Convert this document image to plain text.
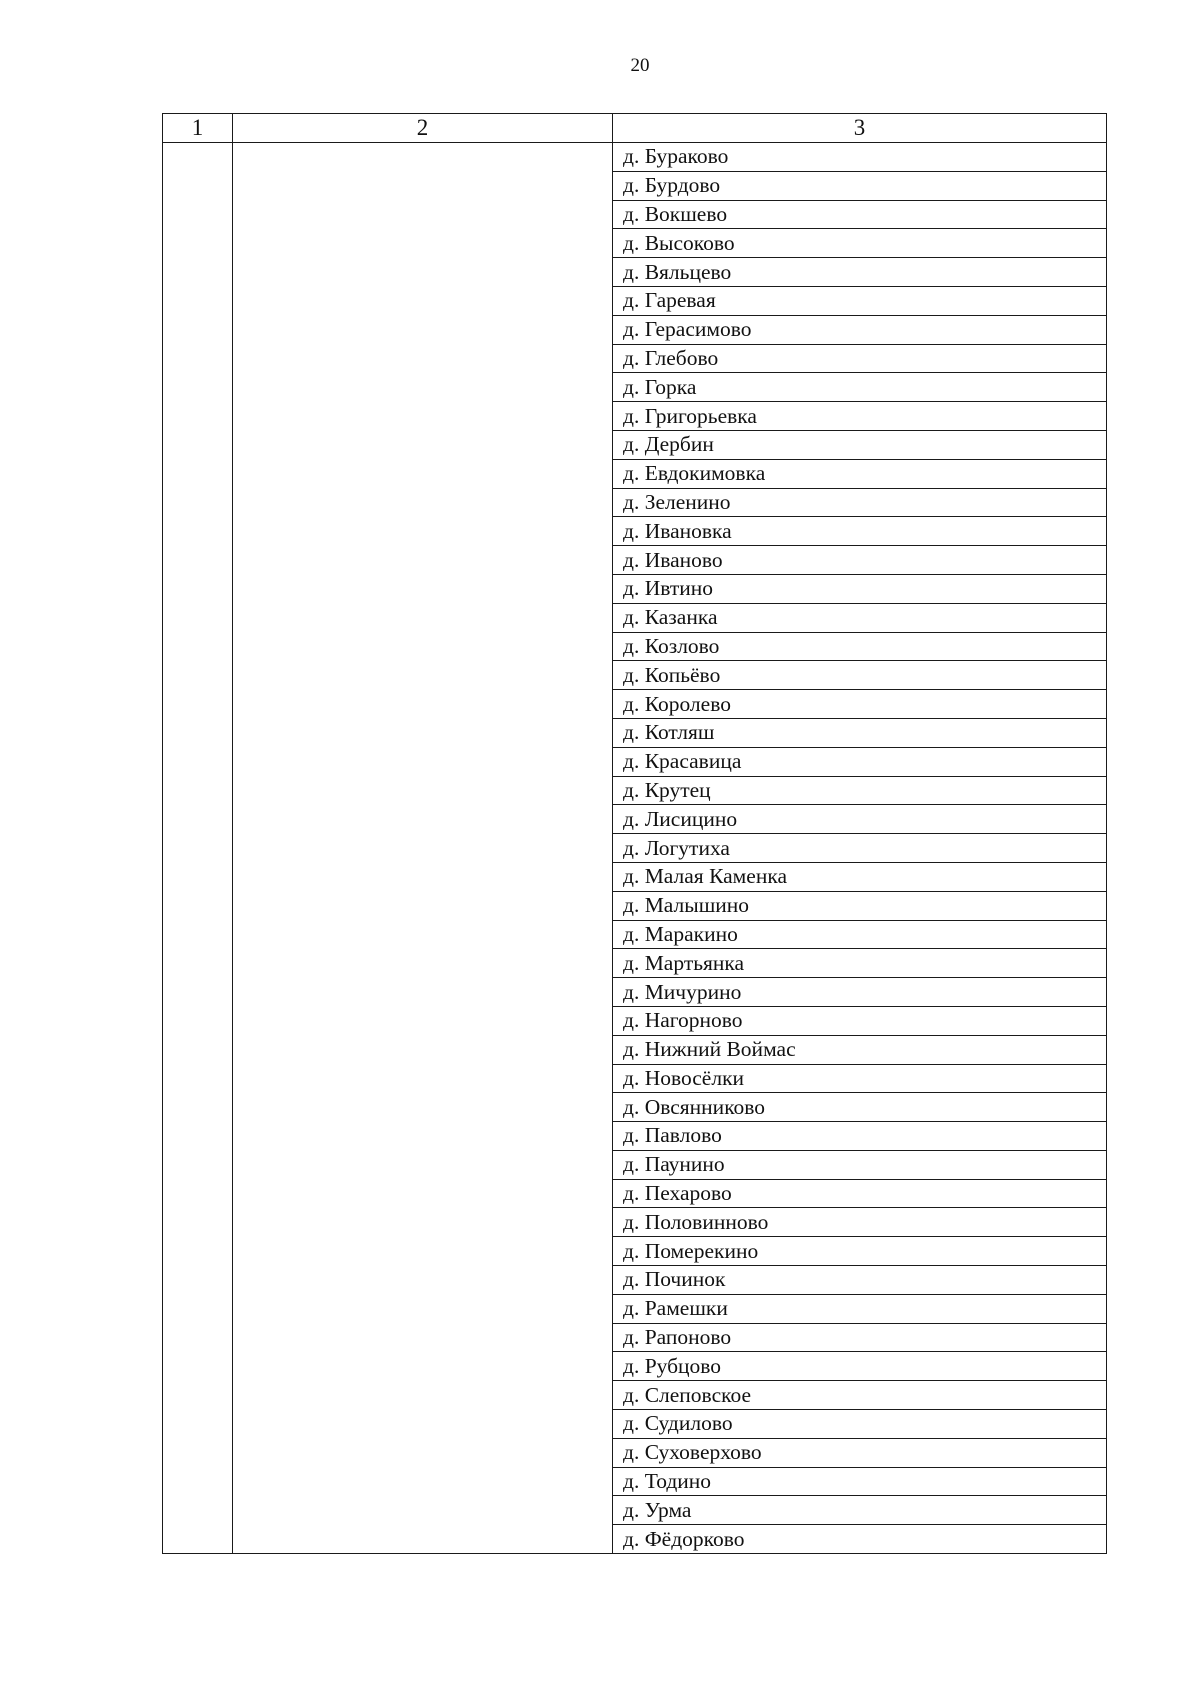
20
1	2	3
		д. Бураково
		д. Бурдово
		д. Вокшево
		д. Высоково
		д. Вяльцево
		д. Гаревая
		д. Герасимово
		д. Глебово
		д. Горка
		д. Григорьевка
		д. Дербин
		д. Евдокимовка
		д. Зеленино
		д. Ивановка
		д. Иваново
		д. Ивтино
		д. Казанка
		д. Козлово
		д. Копьёво
		д. Королево
		д. Котляш
		д. Красавица
		д. Крутец
		д. Лисицино
		д. Логутиха
		д. Малая Каменка
		д. Малышино
		д. Маракино
		д. Мартьянка
		д. Мичурино
		д. Нагорново
		д. Нижний Воймас
		д. Новосёлки
		д. Овсянниково
		д. Павлово
		д. Паунино
		д. Пехарово
		д. Половинново
		д. Померекино
		д. Починок
		д. Рамешки
		д. Рапоново
		д. Рубцово
		д. Слеповское
		д. Судилово
		д. Суховерхово
		д. Тодино
		д. Урма
		д. Фёдорково
